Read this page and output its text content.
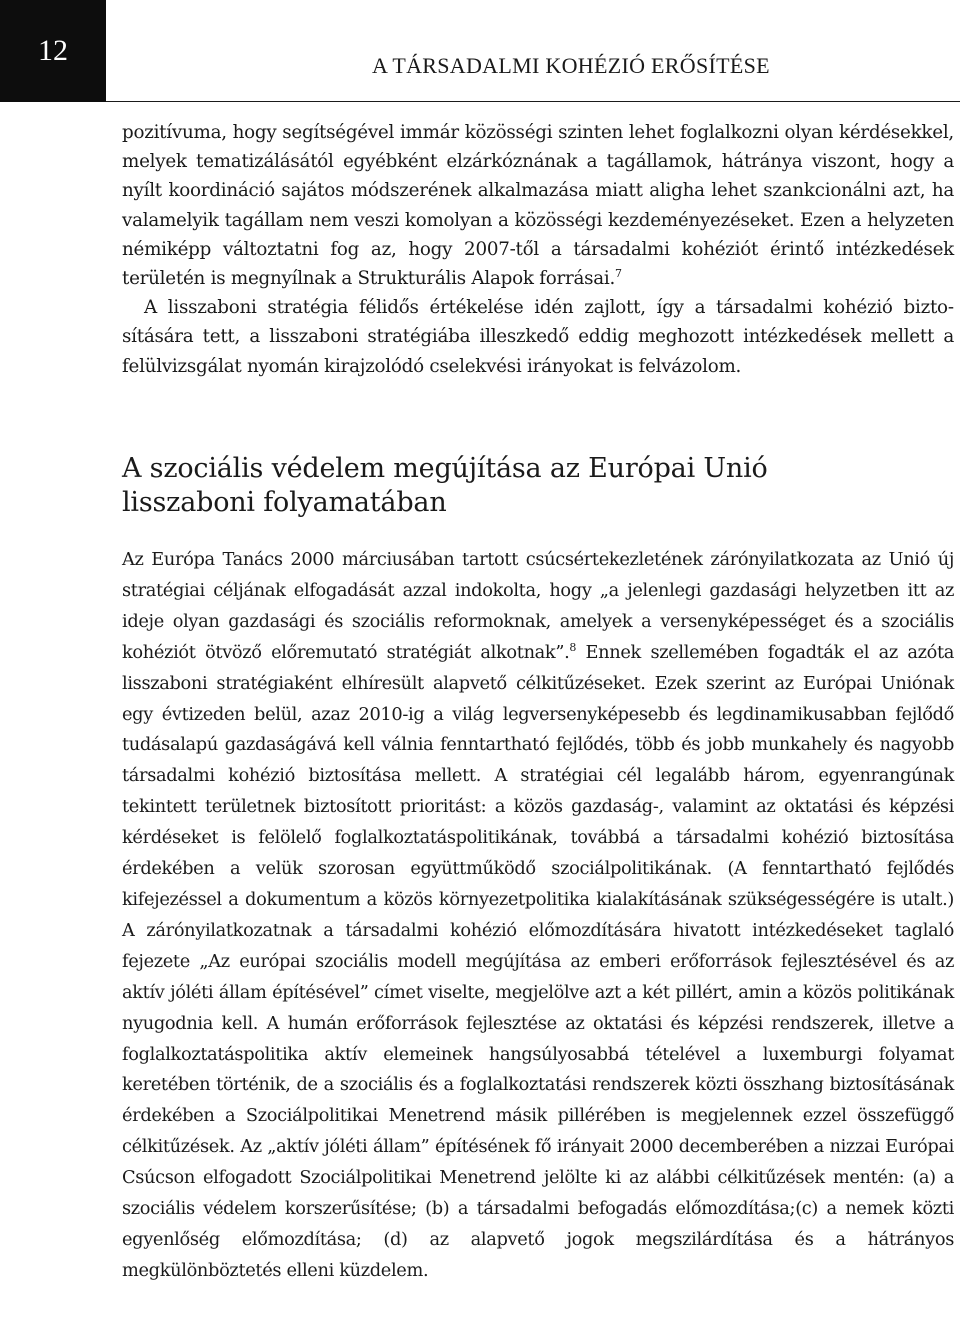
12	A TÁRSADALMI KOHÉZIÓ ERŐSÍTÉSE

pozitívuma, hogy segítségével immár közösségi szinten lehet foglalkozni olyan kérdésekkel, melyek tematizálásától egyébként elzárkóznának a tagállamok, hátránya viszont, hogy a nyílt koordináció sajátos módszerének alkalmazása miatt aligha lehet szankcionálni azt, ha valamelyik tagállam nem veszi komolyan a közösségi kezdeményezéseket. Ezen a helyzeten némiképp változtatni fog az, hogy 2007-től a társadalmi kohéziót érintő intézkedések területén is megnyílnak a Strukturális Alapok forrásai.$^7$
A lisszaboni stratégia félidős értékelése idén zajlott, így a társadalmi kohézió biztosítására tett, a lisszaboni stratégiába illeszkedő eddig meghozott intézkedések mellett a felülvizsgálat nyomán kirajzolódó cselekvési irányokat is felvázolom.

A szociális védelem megújítása az Európai Unió
lisszaboni folyamatában

Az Európa Tanács 2000 márciusában tartott csúcsértekezletének zárónyilatkozata az Unió új stratégiai céljának elfogadását azzal indokolta, hogy „a jelenlegi gazdasági helyzetben itt az ideje olyan gazdasági és szociális reformoknak, amelyek a versenyképességet és a szociális kohéziót ötvöző előremutató stratégiát alkotnak”.$^8$ Ennek szellemében fogadták el az azóta lisszaboni stratégiaként elhíresült alapvető célkitűzéseket. Ezek szerint az Európai Uniónak egy évtizeden belül, azaz 2010-ig a világ legversenyképesebb és legdinamikusabban fejlődő tudásalapú gazdaságává kell válnia fenntartható fejlődés, több és jobb munkahely és nagyobb társadalmi kohézió biztosítása mellett. A stratégiai cél legalább három, egyenrangúnak tekintett területnek biztosított prioritást: a közös gazdaság-, valamint az oktatási és képzési kérdéseket is felölelő foglalkoztatáspolitikának, továbbá a társadalmi kohézió biztosítása érdekében a velük szorosan együttműködő szociálpolitikának. (A fenntartható fejlődés kifejezéssel a dokumentum a közös környezetpolitika kialakításának szükségességére is utalt.) A zárónyilatkozatnak a társadalmi kohézió előmozdítására hivatott intézkedéseket taglaló fejezete „Az európai szociális modell megújítása az emberi erőforrások fejlesztésével és az aktív jóléti állam építésével” címet viselte, megjelölve azt a két pillért, amin a közös politikának nyugodnia kell. A humán erőforrások fejlesztése az oktatási és képzési rendszerek, illetve a foglalkoztatáspolitika aktív elemeinek hangsúlyosabbá tételével a luxemburgi folyamat keretében történik, de a szociális és a foglalkoztatási rendszerek közti összhang biztosításának érdekében a Szociálpolitikai Menetrend másik pillérében is megjelennek ezzel összefüggő célkitűzések. Az „aktív jóléti állam” építésének fő irányait 2000 decemberében a nizzai Európai Csúcson elfogadott Szociálpolitikai Menetrend jelölte ki az alábbi célkitűzések mentén: (a) a szociális védelem korszerűsítése; (b) a társadalmi befogadás előmozdítása;(c) a nemek közti egyenlőség előmozdítása; (d) az alapvető jogok megszilárdítása és a hátrányos megkülönböztetés elleni küzdelem.
